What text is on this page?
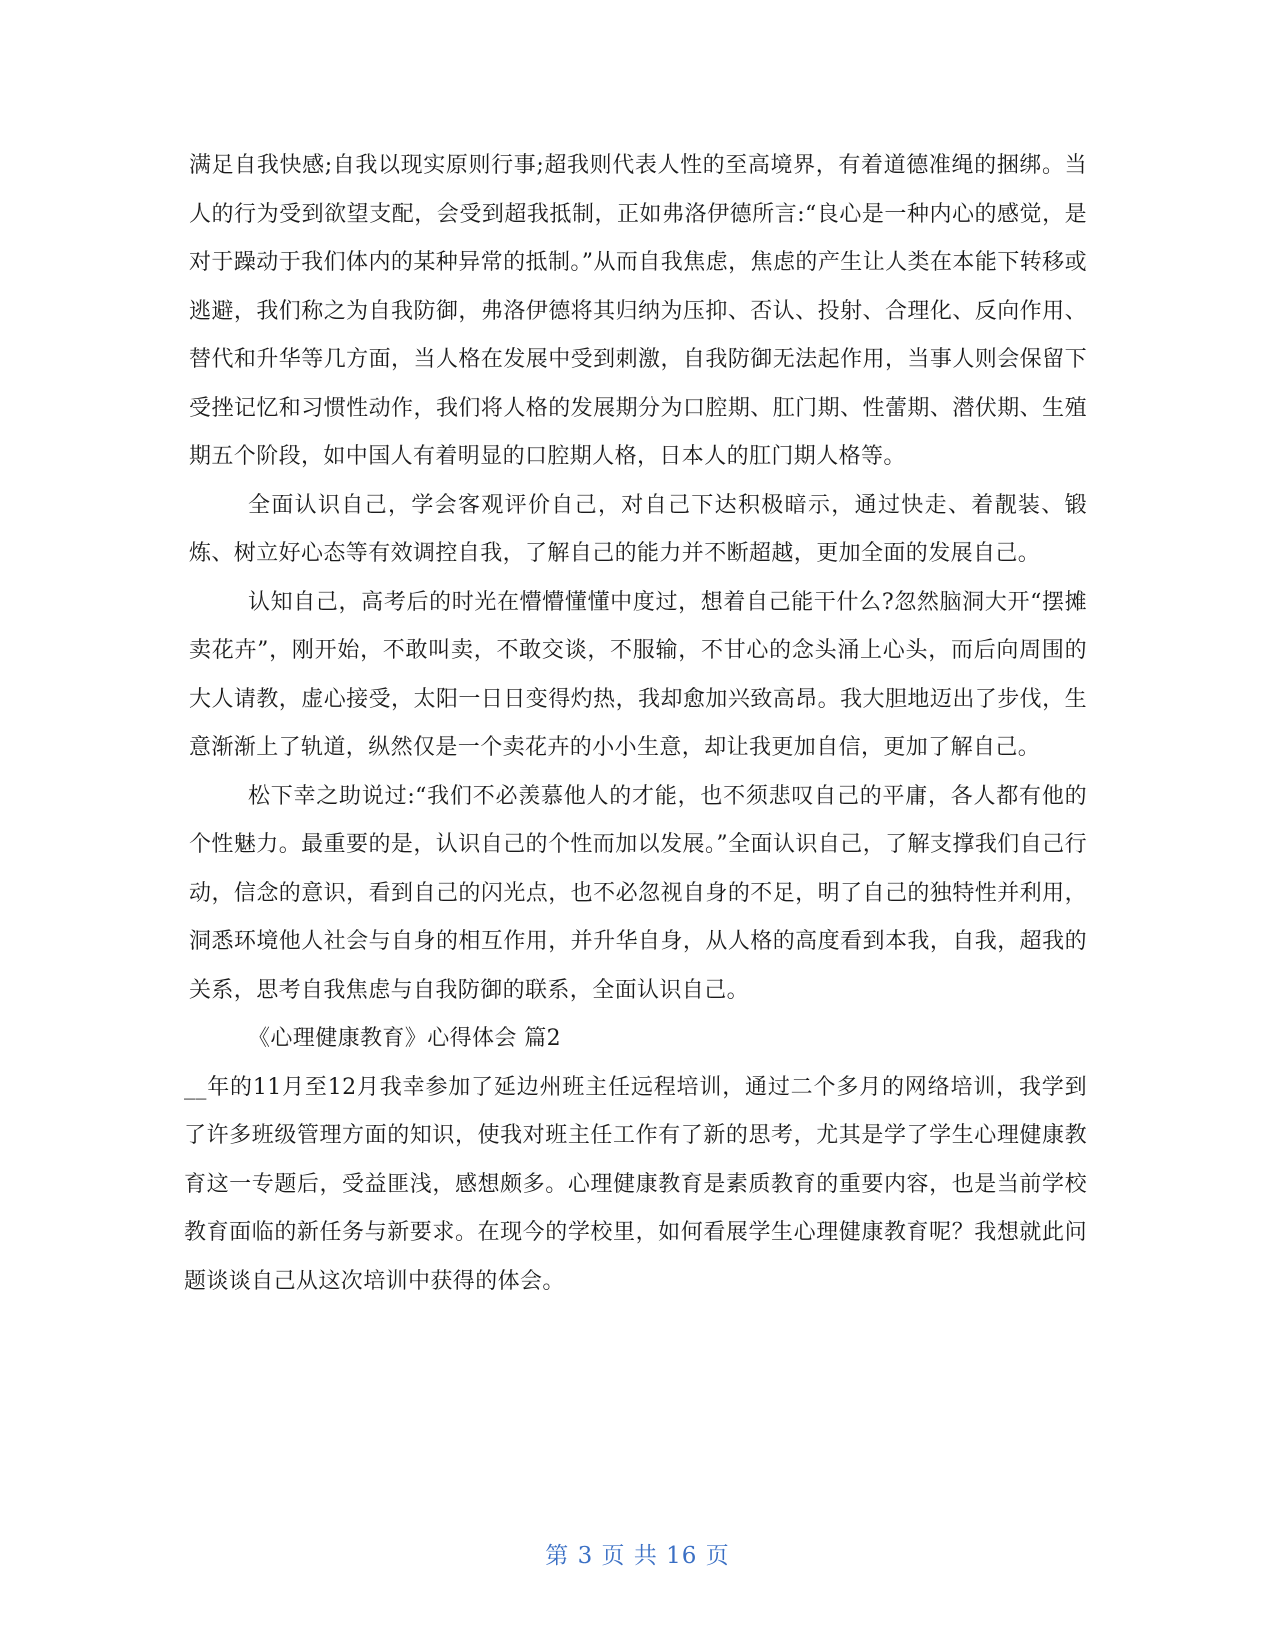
满足自我快感;自我以现实原则行事;超我则代表人性的至高境界，有着道德准绳的捆绑。当人的行为受到欲望支配，会受到超我抵制，正如弗洛伊德所言:“良心是一种内心的感觉，是对于躁动于我们体内的某种异常的抵制。”从而自我焦虑，焦虑的产生让人类在本能下转移或逃避，我们称之为自我防御，弗洛伊德将其归纳为压抑、否认、投射、合理化、反向作用、替代和升华等几方面，当人格在发展中受到刺激，自我防御无法起作用，当事人则会保留下受挫记忆和习惯性动作，我们将人格的发展期分为口腔期、肛门期、性蕾期、潜伏期、生殖期五个阶段，如中国人有着明显的口腔期人格，日本人的肛门期人格等。

全面认识自己，学会客观评价自己，对自己下达积极暗示，通过快走、着靓装、锻炼、树立好心态等有效调控自我，了解自己的能力并不断超越，更加全面的发展自己。

认知自己，高考后的时光在懵懵懂懂中度过，想着自己能干什么?忽然脑洞大开“摆摊卖花卉”，刚开始，不敢叫卖，不敢交谈，不服输，不甘心的念头涌上心头，而后向周围的大人请教，虚心接受，太阳一日日变得灼热，我却愈加兴致高昂。我大胆地迈出了步伐，生意渐渐上了轨道，纵然仅是一个卖花卉的小小生意，却让我更加自信，更加了解自己。

松下幸之助说过:“我们不必羡慕他人的才能，也不须悲叹自己的平庸，各人都有他的个性魅力。最重要的是，认识自己的个性而加以发展。”全面认识自己，了解支撑我们自己行动，信念的意识，看到自己的闪光点，也不必忽视自身的不足，明了自己的独特性并利用，洞悉环境他人社会与自身的相互作用，并升华自身，从人格的高度看到本我，自我，超我的关系，思考自我焦虑与自我防御的联系，全面认识自己。

《心理健康教育》心得体会 篇2

__年的11月至12月我幸参加了延边州班主任远程培训，通过二个多月的网络培训，我学到了许多班级管理方面的知识，使我对班主任工作有了新的思考，尤其是学了学生心理健康教育这一专题后，受益匪浅，感想颇多。心理健康教育是素质教育的重要内容，也是当前学校教育面临的新任务与新要求。在现今的学校里，如何看展学生心理健康教育呢？我想就此问题谈谈自己从这次培训中获得的体会。

第 3 页 共 16 页
